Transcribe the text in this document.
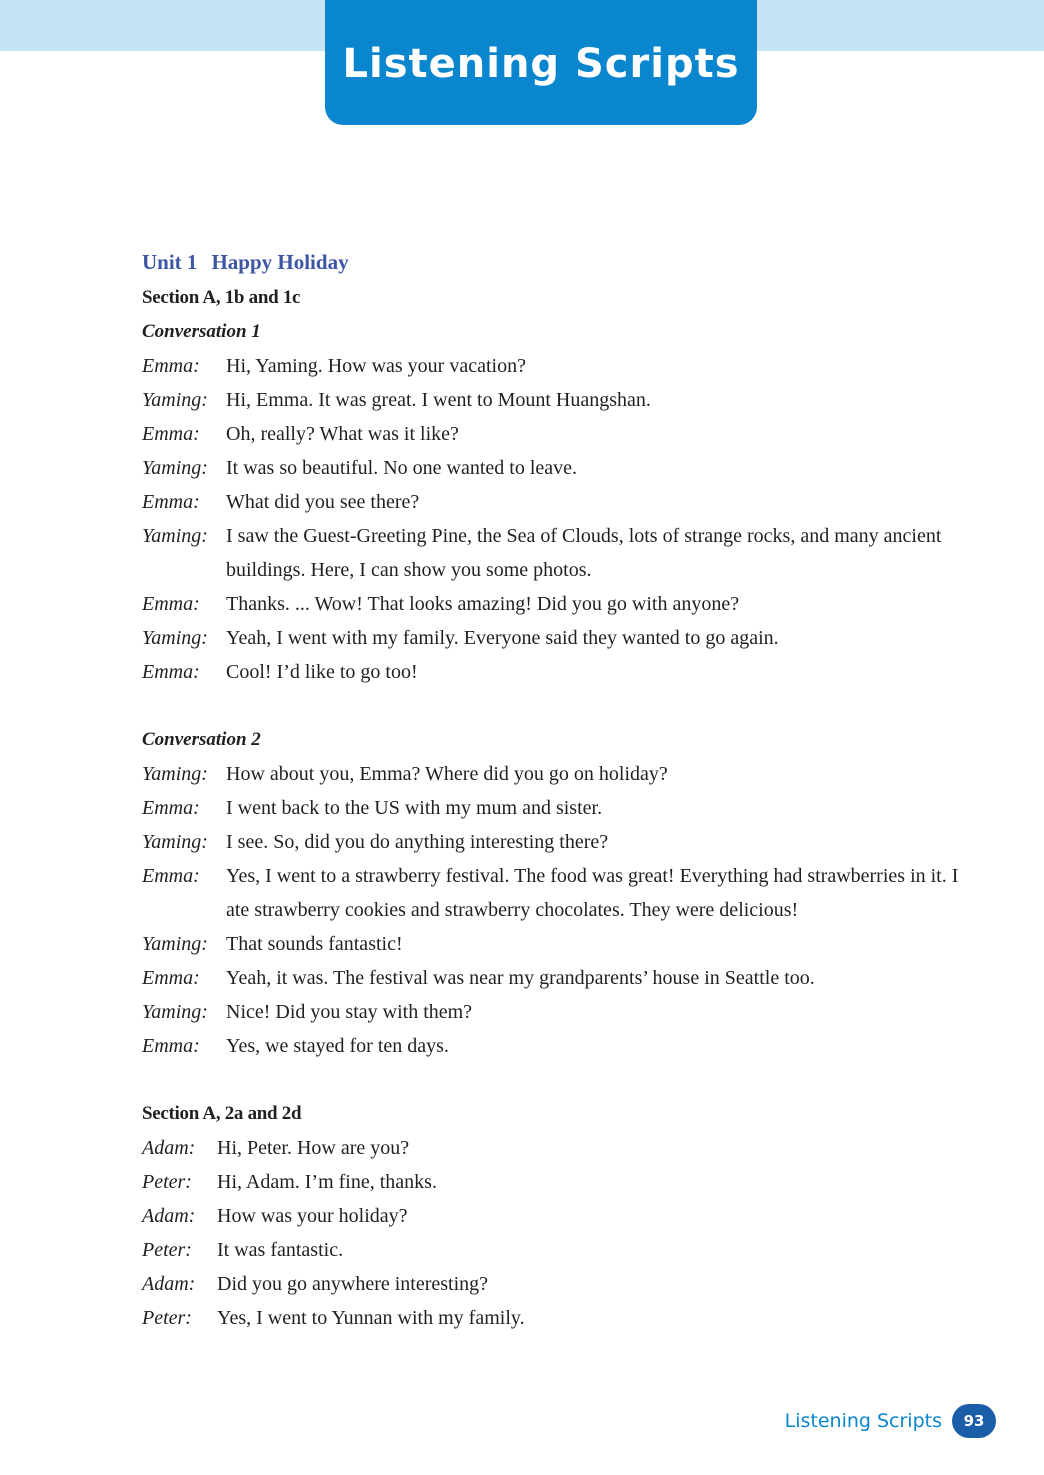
Listening Scripts
Unit 1 Happy Holiday
Section A, 1b and 1c
Conversation 1
Emma:	Hi, Yaming. How was your vacation?
Yaming: Hi, Emma. It was great. I went to Mount Huangshan.
Emma:	Oh, really? What was it like?
Yaming: It was so beautiful. No one wanted to leave.
Emma:	What did you see there?
Yaming: I saw the Guest-Greeting Pine, the Sea of Clouds, lots of strange rocks, and many ancient buildings. Here, I can show you some photos.
Emma:	Thanks. ... Wow! That looks amazing! Did you go with anyone?
Yaming: Yeah, I went with my family. Everyone said they wanted to go again.
Emma:	Cool! I’d like to go too!
Conversation 2
Yaming: How about you, Emma? Where did you go on holiday?
Emma:	I went back to the US with my mum and sister.
Yaming: I see. So, did you do anything interesting there?
Emma:	Yes, I went to a strawberry festival. The food was great! Everything had strawberries in it. I ate strawberry cookies and strawberry chocolates. They were delicious!
Yaming: That sounds fantastic!
Emma:	Yeah, it was. The festival was near my grandparents’ house in Seattle too.
Yaming: Nice! Did you stay with them?
Emma:	Yes, we stayed for ten days.
Section A, 2a and 2d
Adam:	Hi, Peter. How are you?
Peter:	Hi, Adam. I’m fine, thanks.
Adam:	How was your holiday?
Peter:	It was fantastic.
Adam:	Did you go anywhere interesting?
Peter:	Yes, I went to Yunnan with my family.
Listening Scripts	93
